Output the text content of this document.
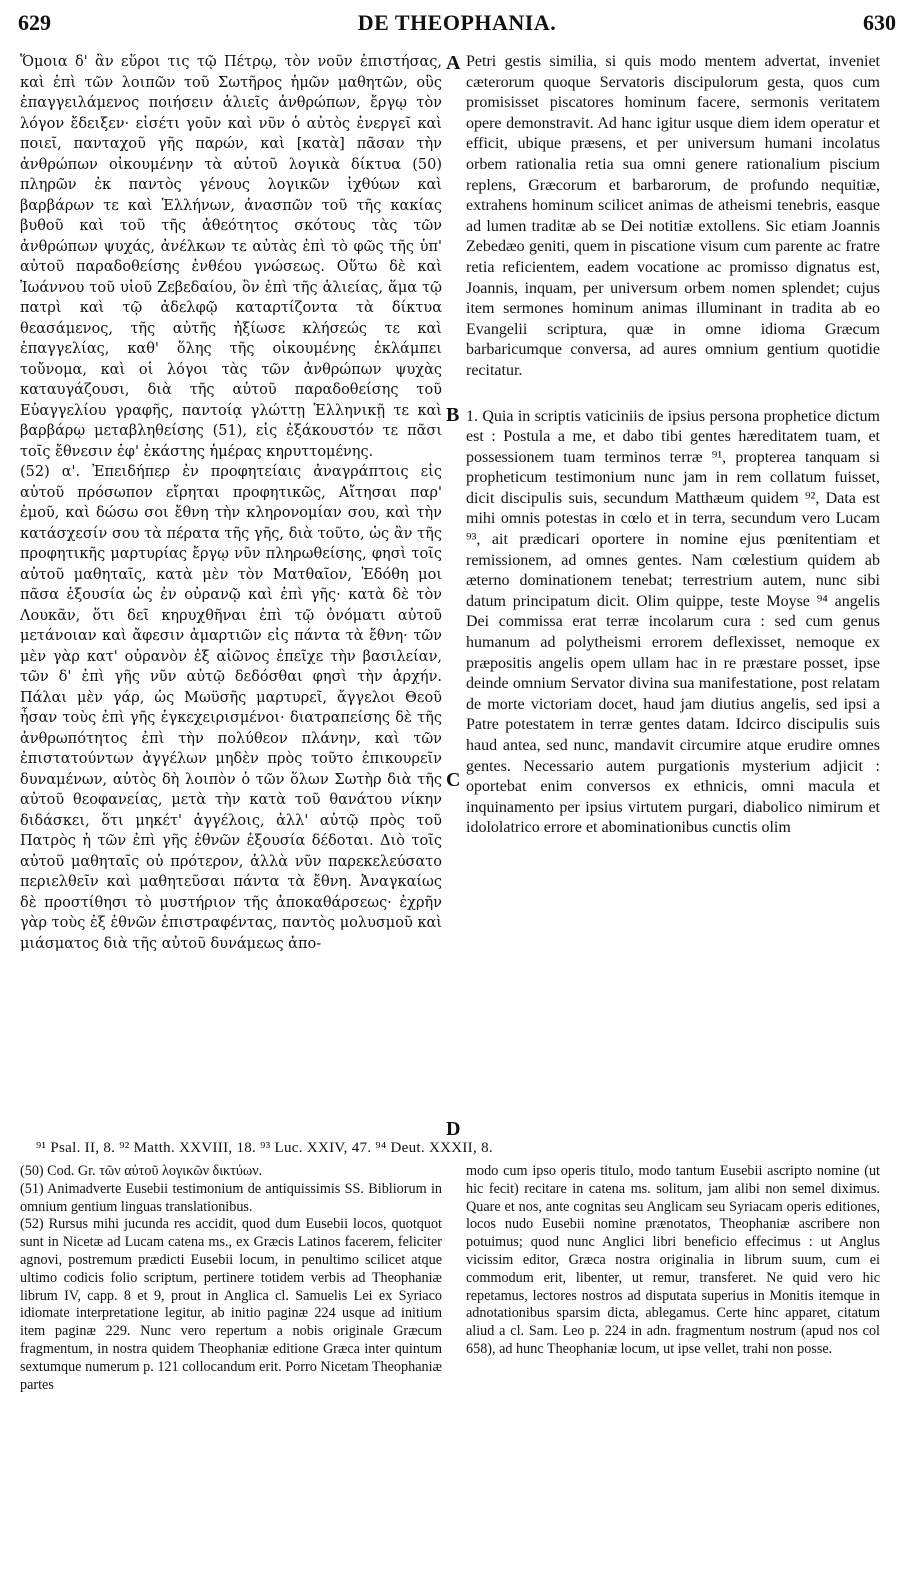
629	DE THEOPHANIA.	630

Ὅμοια δ' ἂν εὕροι τις τῷ Πέτρῳ, τὸν νοῦν ἐπιστήσας, καὶ ἐπὶ τῶν λοιπῶν τοῦ Σωτῆρος ἡμῶν μαθητῶν, οὓς ἐπαγγειλάμενος ποιήσειν ἁλιεῖς ἀνθρώπων, ἔργῳ τὸν λόγον ἔδειξεν· εἰσέτι γοῦν καὶ νῦν ὁ αὐτὸς ἐνεργεῖ καὶ ποιεῖ, πανταχοῦ γῆς παρών, καὶ [κατὰ] πᾶσαν τὴν ἀνθρώπων οἰκουμένην τὰ αὐτοῦ λογικὰ δίκτυα (50) πληρῶν ἐκ παντὸς γένους λογικῶν ἰχθύων καὶ βαρβάρων τε καὶ Ἑλλήνων, ἀνασπῶν τοῦ τῆς κακίας βυθοῦ καὶ τοῦ τῆς ἀθεότητος σκότους τὰς τῶν ἀνθρώπων ψυχάς, ἀνέλκων τε αὐτὰς ἐπὶ τὸ φῶς τῆς ὑπ' αὐτοῦ παραδοθείσης ἐνθέου γνώσεως. Οὕτω δὲ καὶ Ἰωάννου τοῦ υἱοῦ Ζεβεδαίου, ὃν ἐπὶ τῆς ἁλιείας, ἅμα τῷ πατρὶ καὶ τῷ ἀδελφῷ καταρτίζοντα τὰ δίκτυα θεασάμενος, τῆς αὐτῆς ἠξίωσε κλήσεώς τε καὶ ἐπαγγελίας, καθ' ὅλης τῆς οἰκουμένης ἐκλάμπει τοὔνομα, καὶ οἱ λόγοι τὰς τῶν ἀνθρώπων ψυχὰς καταυγάζουσι, διὰ τῆς αὐτοῦ παραδοθείσης τοῦ Εὐαγγελίου γραφῆς, παντοίᾳ γλώττῃ Ἑλληνικῇ τε καὶ βαρβάρῳ μεταβληθείσης (51), εἰς ἐξάκουστόν τε πᾶσι τοῖς ἔθνεσιν ἐφ' ἑκάστης ἡμέρας κηρυττομένης.

(52) α'. Ἐπειδήπερ ἐν προφητείαις ἀναγράπτοις εἰς αὐτοῦ πρόσωπον εἴρηται προφητικῶς, Αἴτησαι παρ' ἐμοῦ, καὶ δώσω σοι ἔθνη τὴν κληρονομίαν σου, καὶ τὴν κατάσχεσίν σου τὰ πέρατα τῆς γῆς, διὰ τοῦτο, ὡς ἂν τῆς προφητικῆς μαρτυρίας ἔργῳ νῦν πληρωθείσης, φησὶ τοῖς αὐτοῦ μαθηταῖς, κατὰ μὲν τὸν Ματθαῖον, Ἐδόθη μοι πᾶσα ἐξουσία ὡς ἐν οὐρανῷ καὶ ἐπὶ γῆς· κατὰ δὲ τὸν Λουκᾶν, ὅτι δεῖ κηρυχθῆναι ἐπὶ τῷ ὀνόματι αὐτοῦ μετάνοιαν καὶ ἄφεσιν ἁμαρτιῶν εἰς πάντα τὰ ἔθνη· τῶν μὲν γὰρ κατ' οὐρανὸν ἐξ αἰῶνος ἐπεῖχε τὴν βασιλείαν, τῶν δ' ἐπὶ γῆς νῦν αὐτῷ δεδόσθαι φησὶ τὴν ἀρχήν. Πάλαι μὲν γάρ, ὡς Μωϋσῆς μαρτυρεῖ, ἄγγελοι Θεοῦ ἦσαν τοὺς ἐπὶ γῆς ἐγκεχειρισμένοι· διατραπείσης δὲ τῆς ἀνθρωπότητος ἐπὶ τὴν πολύθεον πλάνην, καὶ τῶν ἐπιστατούντων ἀγγέλων μηδὲν πρὸς τοῦτο ἐπικουρεῖν δυναμένων, αὐτὸς δὴ λοιπὸν ὁ τῶν ὅλων Σωτὴρ διὰ τῆς αὐτοῦ θεοφανείας, μετὰ τὴν κατὰ τοῦ θανάτου νίκην διδάσκει, ὅτι μηκέτ' ἀγγέλοις, ἀλλ' αὐτῷ πρὸς τοῦ Πατρὸς ἡ τῶν ἐπὶ γῆς ἐθνῶν ἐξουσία δέδοται. Διὸ τοῖς αὐτοῦ μαθηταῖς οὐ πρότερον, ἀλλὰ νῦν παρεκελεύσατο περιελθεῖν καὶ μαθητεῦσαι πάντα τὰ ἔθνη. Ἀναγκαίως δὲ προστίθησι τὸ μυστήριον τῆς ἀποκαθάρσεως· ἐχρῆν γὰρ τοὺς ἐξ ἐθνῶν ἐπιστραφέντας, παντὸς μολυσμοῦ καὶ μιάσματος διὰ τῆς αὐτοῦ δυνάμεως ἀπο-

A
B
C
D

Petri gestis similia, si quis modo mentem advertat, inveniet cæterorum quoque Servatoris discipulorum gesta, quos cum promisisset piscatores hominum facere, sermonis veritatem opere demonstravit. Ad hanc igitur usque diem idem operatur et efficit, ubique præsens, et per universum humani incolatus orbem rationalia retia sua omni genere rationalium piscium replens, Græcorum et barbarorum, de profundo nequitiæ, extrahens hominum scilicet animas de atheismi tenebris, easque ad lumen traditæ ab se Dei notitiæ extollens. Sic etiam Joannis Zebedæo geniti, quem in piscatione visum cum parente ac fratre retia reficientem, eadem vocatione ac promisso dignatus est, Joannis, inquam, per universum orbem nomen splendet; cujus item sermones hominum animas illuminant in tradita ab eo Evangelii scriptura, quæ in omne idioma Græcum barbaricumque conversa, ad aures omnium gentium quotidie recitatur.

1. Quia in scriptis vaticiniis de ipsius persona prophetice dictum est : Postula a me, et dabo tibi gentes hæreditatem tuam, et possessionem tuam terminos terræ ⁹¹, propterea tanquam si propheticum testimonium nunc jam in rem collatum fuisset, dicit discipulis suis, secundum Matthæum quidem ⁹², Data est mihi omnis potestas in cœlo et in terra, secundum vero Lucam ⁹³, ait prædicari oportere in nomine ejus pœnitentiam et remissionem, ad omnes gentes. Nam cœlestium quidem ab æterno dominationem tenebat; terrestrium autem, nunc sibi datum principatum dicit. Olim quippe, teste Moyse ⁹⁴ angelis Dei commissa erat terræ incolarum cura : sed cum genus humanum ad polytheismi errorem deflexisset, nemoque ex præpositis angelis opem ullam hac in re præstare posset, ipse deinde omnium Servator divina sua manifestatione, post relatam de morte victoriam docet, haud jam diutius angelis, sed ipsi a Patre potestatem in terræ gentes datam. Idcirco discipulis suis haud antea, sed nunc, mandavit circumire atque erudire omnes gentes. Necessario autem purgationis mysterium adjicit : oportebat enim conversos ex ethnicis, omni macula et inquinamento per ipsius virtutem purgari, diabolico nimirum et idololatrico errore et abominationibus cunctis olim

⁹¹ Psal. II, 8. ⁹² Matth. XXVIII, 18. ⁹³ Luc. XXIV, 47. ⁹⁴ Deut. XXXII, 8.

(50) Cod. Gr. τῶν αὐτοῦ λογικῶν δικτύων.

(51) Animadverte Eusebii testimonium de antiquissimis SS. Bibliorum in omnium gentium linguas translationibus.

(52) Rursus mihi jucunda res accidit, quod dum Eusebii locos, quotquot sunt in Nicetæ ad Lucam catena ms., ex Græcis Latinos facerem, feliciter agnovi, postremum prædicti Eusebii locum, in penultimo scilicet atque ultimo codicis folio scriptum, pertinere totidem verbis ad Theophaniæ librum IV, capp. 8 et 9, prout in Anglica cl. Samuelis Lei ex Syriaco idiomate interpretatione legitur, ab initio paginæ 224 usque ad initium item paginæ 229. Nunc vero repertum a nobis originale Græcum fragmentum, in nostra quidem Theophaniæ editione Græca inter quintum sextumque numerum p. 121 collocandum erit. Porro Nicetam Theophaniæ partes

modo cum ipso operis titulo, modo tantum Eusebii ascripto nomine (ut hic fecit) recitare in catena ms. solitum, jam alibi non semel diximus. Quare et nos, ante cognitas seu Anglicam seu Syriacam operis editiones, locos nudo Eusebii nomine prænotatos, Theophaniæ ascribere non potuimus; quod nunc Anglici libri beneficio effecimus : ut Anglus vicissim editor, Græca nostra originalia in librum suum, cum ei commodum erit, libenter, ut remur, transferet. Ne quid vero hic repetamus, lectores nostros ad disputata superius in Monitis itemque in adnotationibus sparsim dicta, ablegamus. Certe hinc apparet, citatum aliud a cl. Sam. Leo p. 224 in adn. fragmentum nostrum (apud nos col 658), ad hunc Theophaniæ locum, ut ipse vellet, trahi non posse.
